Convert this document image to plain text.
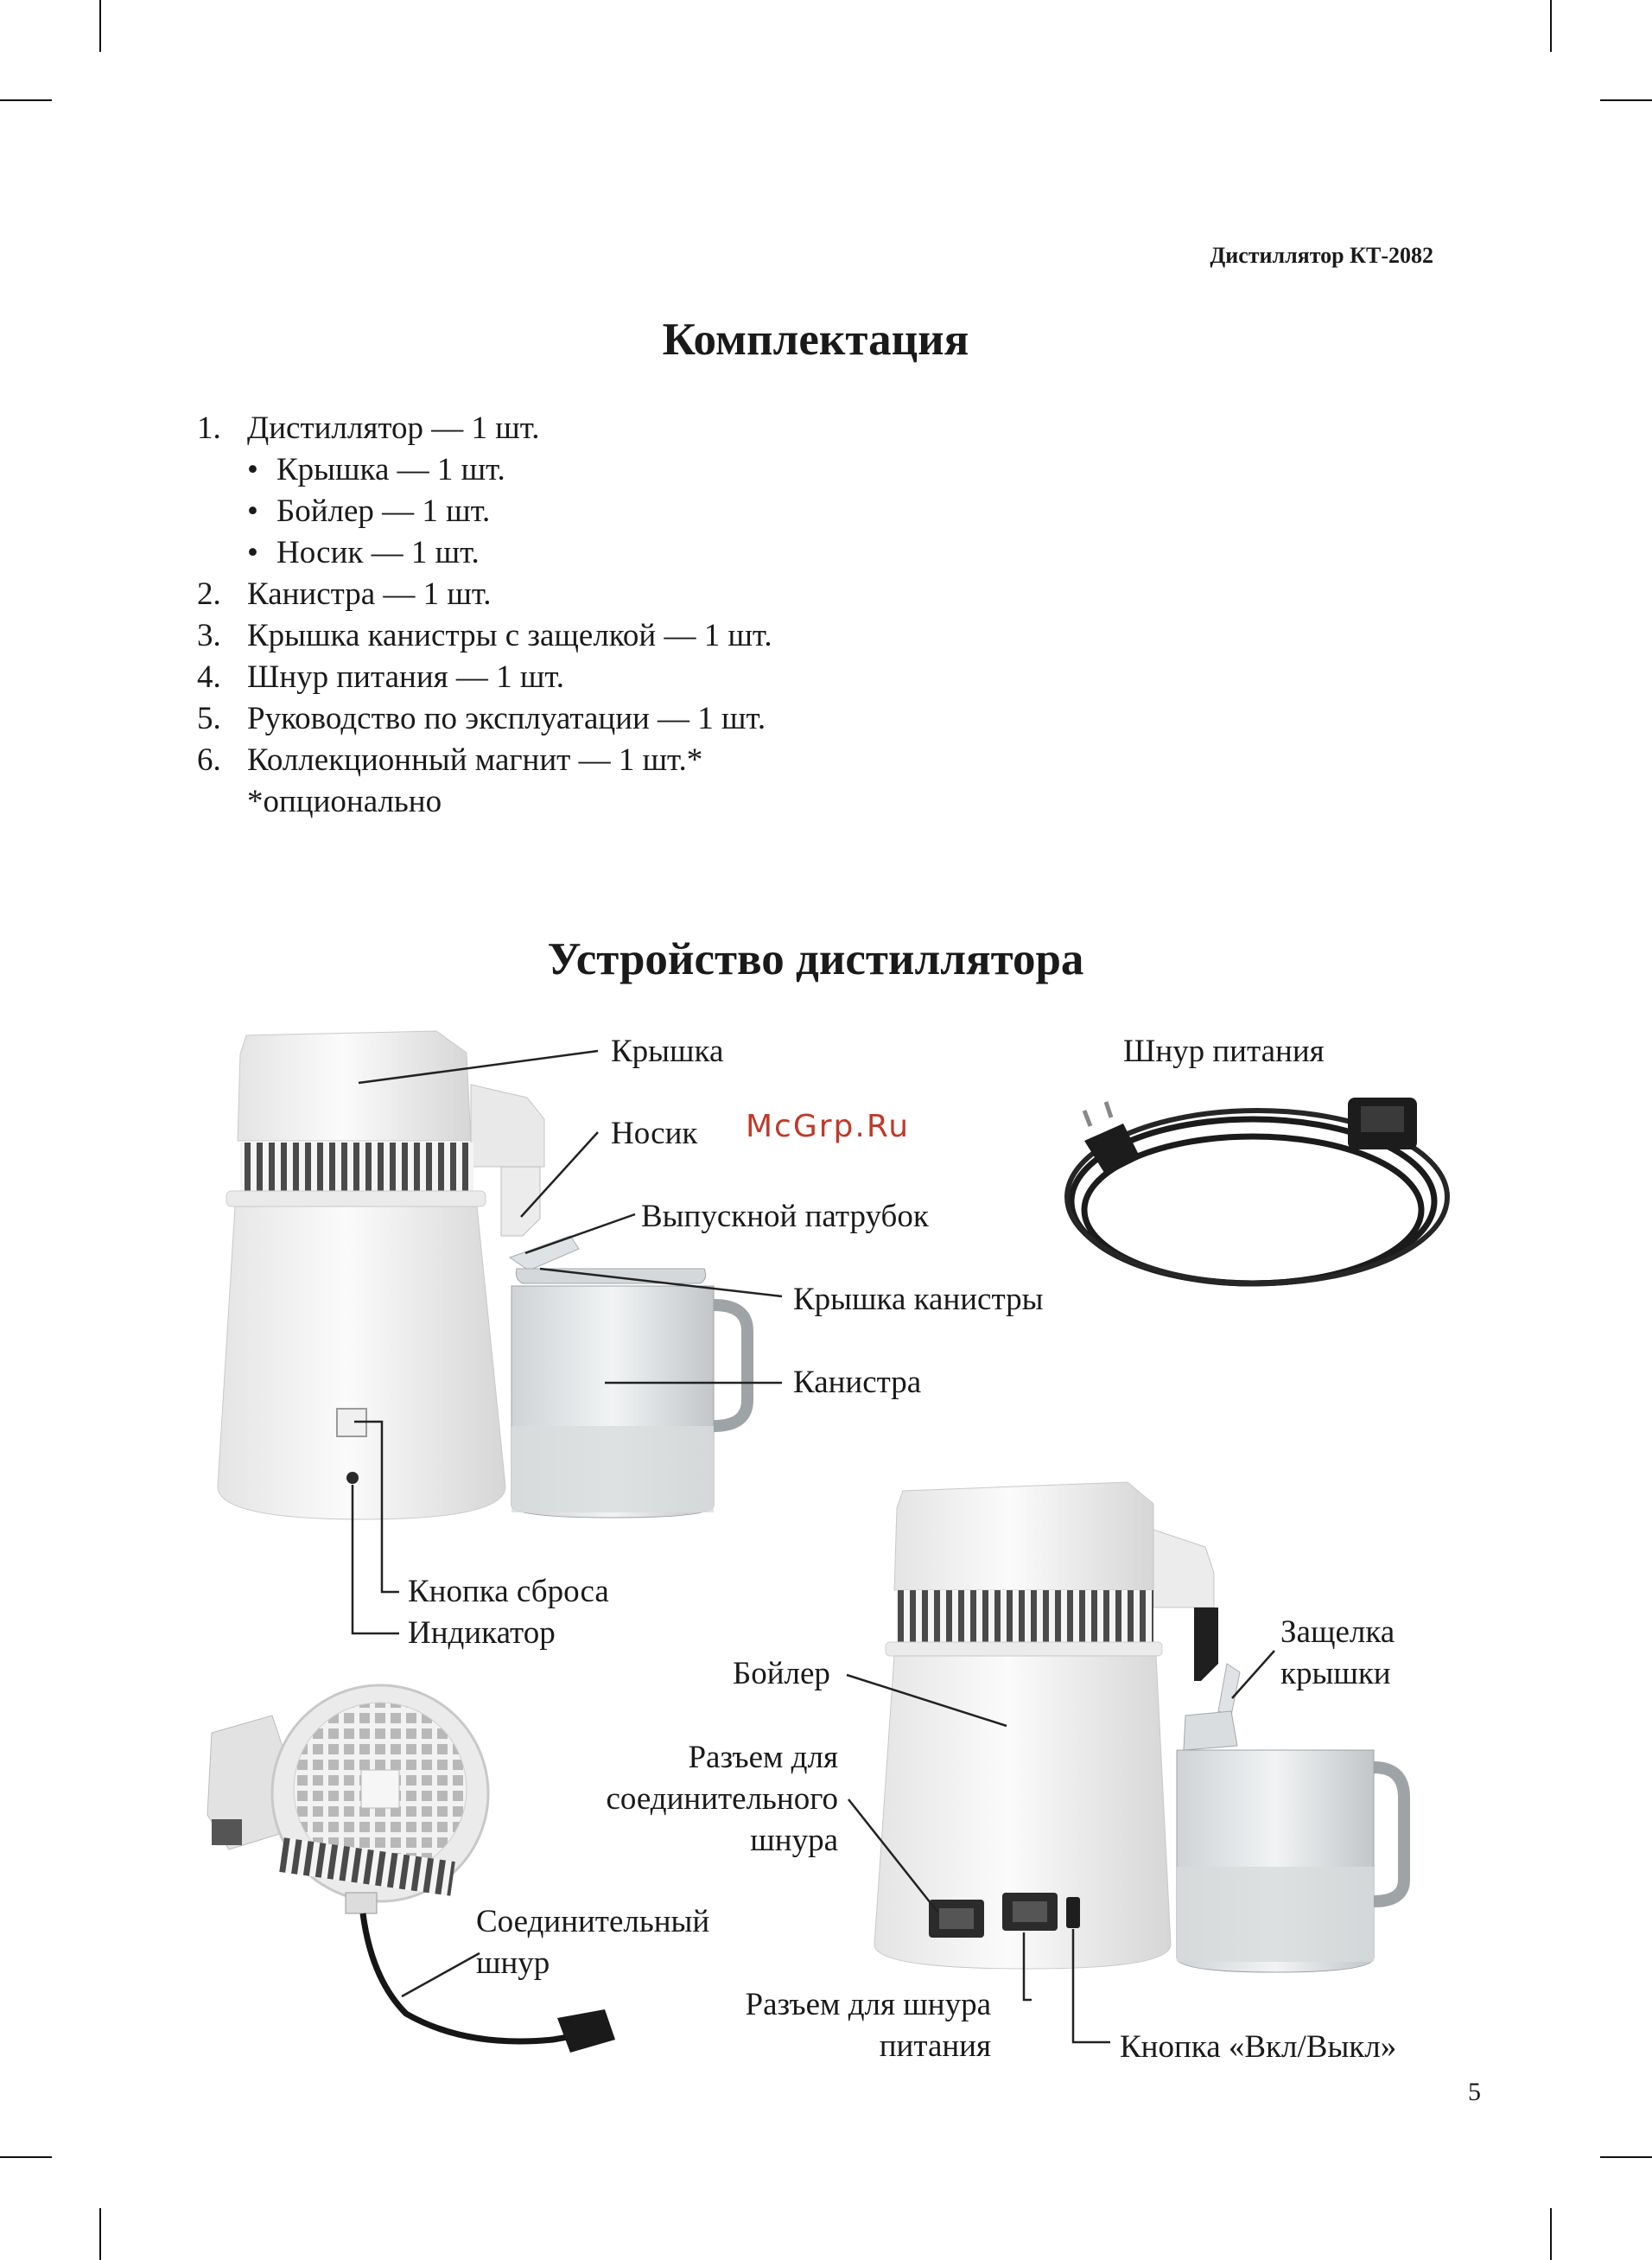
Дистиллятор КТ-2082
Комплектация
1. Дистиллятор — 1 шт.
• Крышка — 1 шт.
• Бойлер — 1 шт.
• Носик — 1 шт.
2. Канистра — 1 шт.
3. Крышка канистры с защелкой — 1 шт.
4. Шнур питания — 1 шт.
5. Руководство по эксплуатации — 1 шт.
6. Коллекционный магнит — 1 шт.*
*опционально
Устройство дистиллятора
McGrp.Ru
Крышка
Носик
Выпускной патрубок
Крышка канистры
Канистра
Шнур питания
Кнопка сброса
Индикатор
Бойлер
Защелка
крышки
Разъем для
соединительного
шнура
Соединительный
шнур
Разъем для шнура
питания	Кнопка «Вкл/Выкл»
5
